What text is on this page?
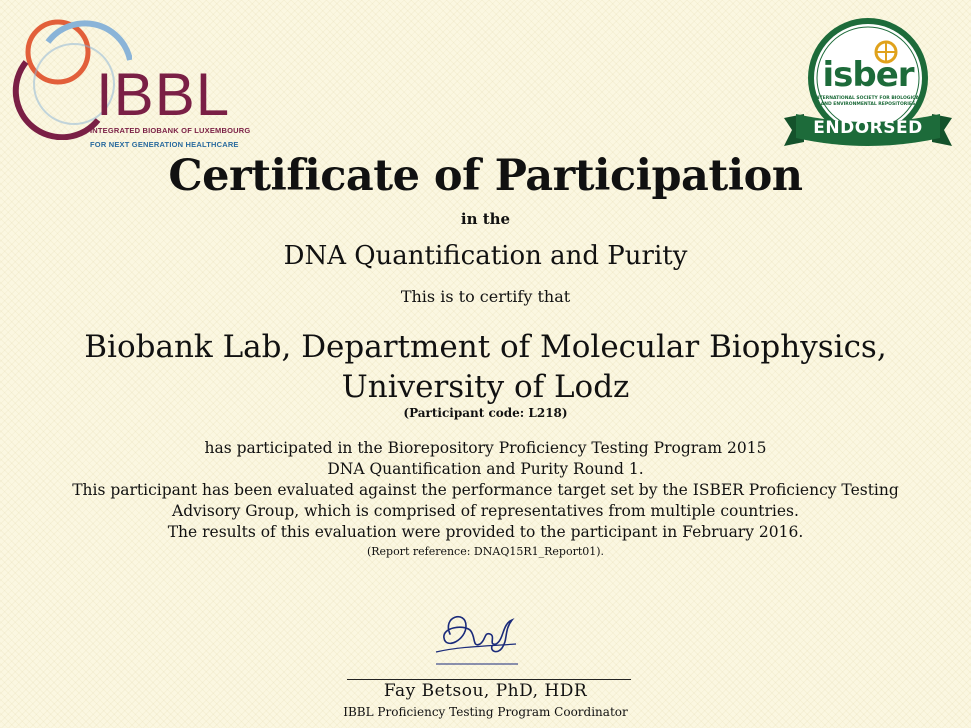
IBBL
INTEGRATED BIOBANK OF LUXEMBOURG
FOR NEXT GENERATION HEALTHCARE
isber
INTERNATIONAL SOCIETY FOR BIOLOGICAL
AND ENVIRONMENTAL REPOSITORIES
ENDORSED
Certificate of Participation
in the
DNA Quantification and Purity
This is to certify that
Biobank Lab, Department of Molecular Biophysics, University of Lodz
(Participant code: L218)
has participated in the Biorepository Proficiency Testing Program 2015
DNA Quantification and Purity Round 1.
This participant has been evaluated against the performance target set by the ISBER Proficiency Testing
Advisory Group, which is comprised of representatives from multiple countries.
The results of this evaluation were provided to the participant in February 2016.
(Report reference: DNAQ15R1_Report01).
Fay Betsou, PhD, HDR
IBBL Proficiency Testing Program Coordinator
